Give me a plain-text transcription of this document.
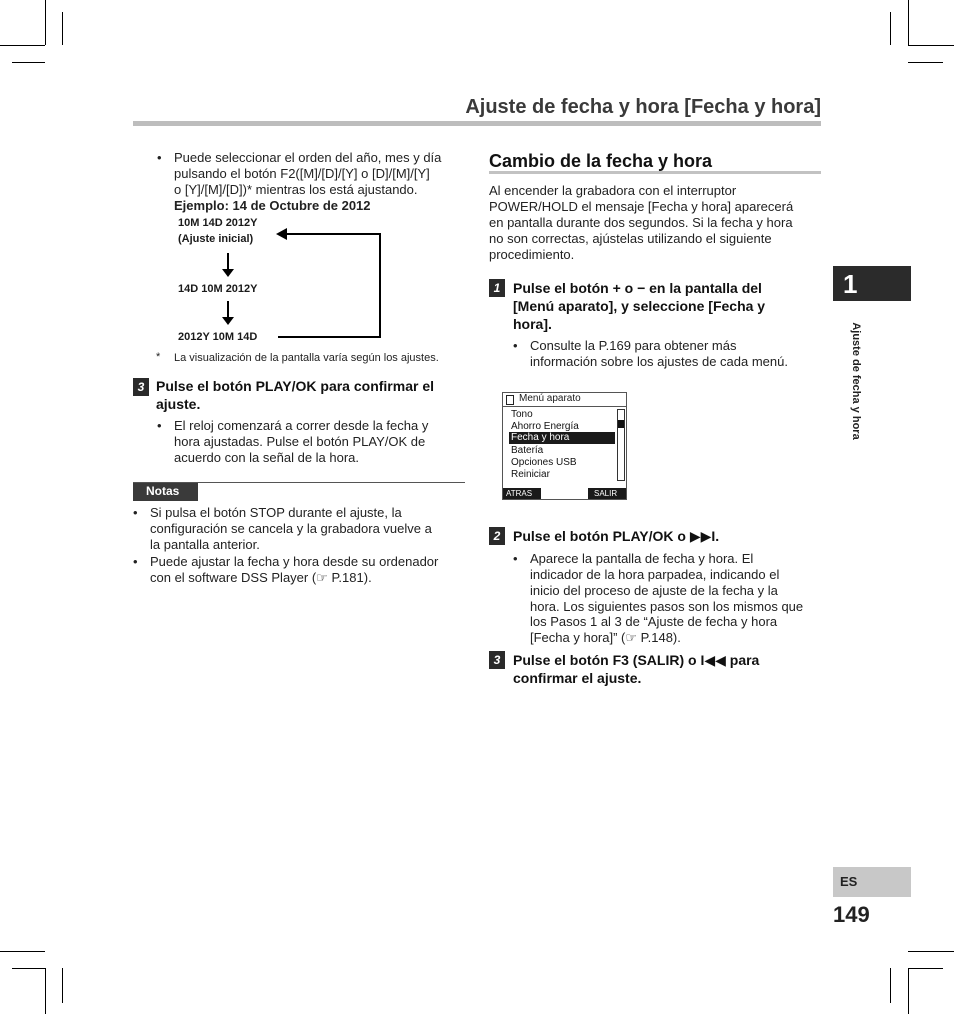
Ajuste de fecha y hora [Fecha y hora]
1
Ajuste de fecha y hora
ES
149
• Puede seleccionar el orden del año, mes y día
pulsando el botón F2([M]/[D]/[Y] o [D]/[M]/[Y]
o [Y]/[M]/[D])* mientras los está ajustando.
Ejemplo: 14 de Octubre de 2012
10M 14D 2012Y
(Ajuste inicial)
14D 10M 2012Y
2012Y 10M 14D
* La visualización de la pantalla varía según los ajustes.
3 Pulse el botón PLAY/OK para confirmar el
ajuste.
• El reloj comenzará a correr desde la fecha y
hora ajustadas. Pulse el botón PLAY/OK de
acuerdo con la señal de la hora.
Notas
• Si pulsa el botón STOP durante el ajuste, la
configuración se cancela y la grabadora vuelve a
la pantalla anterior.
• Puede ajustar la fecha y hora desde su ordenador
con el software DSS Player (☞ P.181).
Cambio de la fecha y hora
Al encender la grabadora con el interruptor
POWER/HOLD el mensaje [Fecha y hora] aparecerá
en pantalla durante dos segundos. Si la fecha y hora
no son correctas, ajústelas utilizando el siguiente
procedimiento.
1 Pulse el botón + o − en la pantalla del
[Menú aparato], y seleccione [Fecha y
hora].
• Consulte la P.169 para obtener más
información sobre los ajustes de cada menú.
Menú aparato
Tono
Ahorro Energía
Fecha y hora
Batería
Opciones USB
Reiniciar
ATRAS	SALIR
2 Pulse el botón PLAY/OK o ▶▶I.
• Aparece la pantalla de fecha y hora. El
indicador de la hora parpadea, indicando el
inicio del proceso de ajuste de la fecha y la
hora. Los siguientes pasos son los mismos que
los Pasos 1 al 3 de “Ajuste de fecha y hora
[Fecha y hora]” (☞ P.148).
3 Pulse el botón F3 (SALIR) o I◀◀ para
confirmar el ajuste.
